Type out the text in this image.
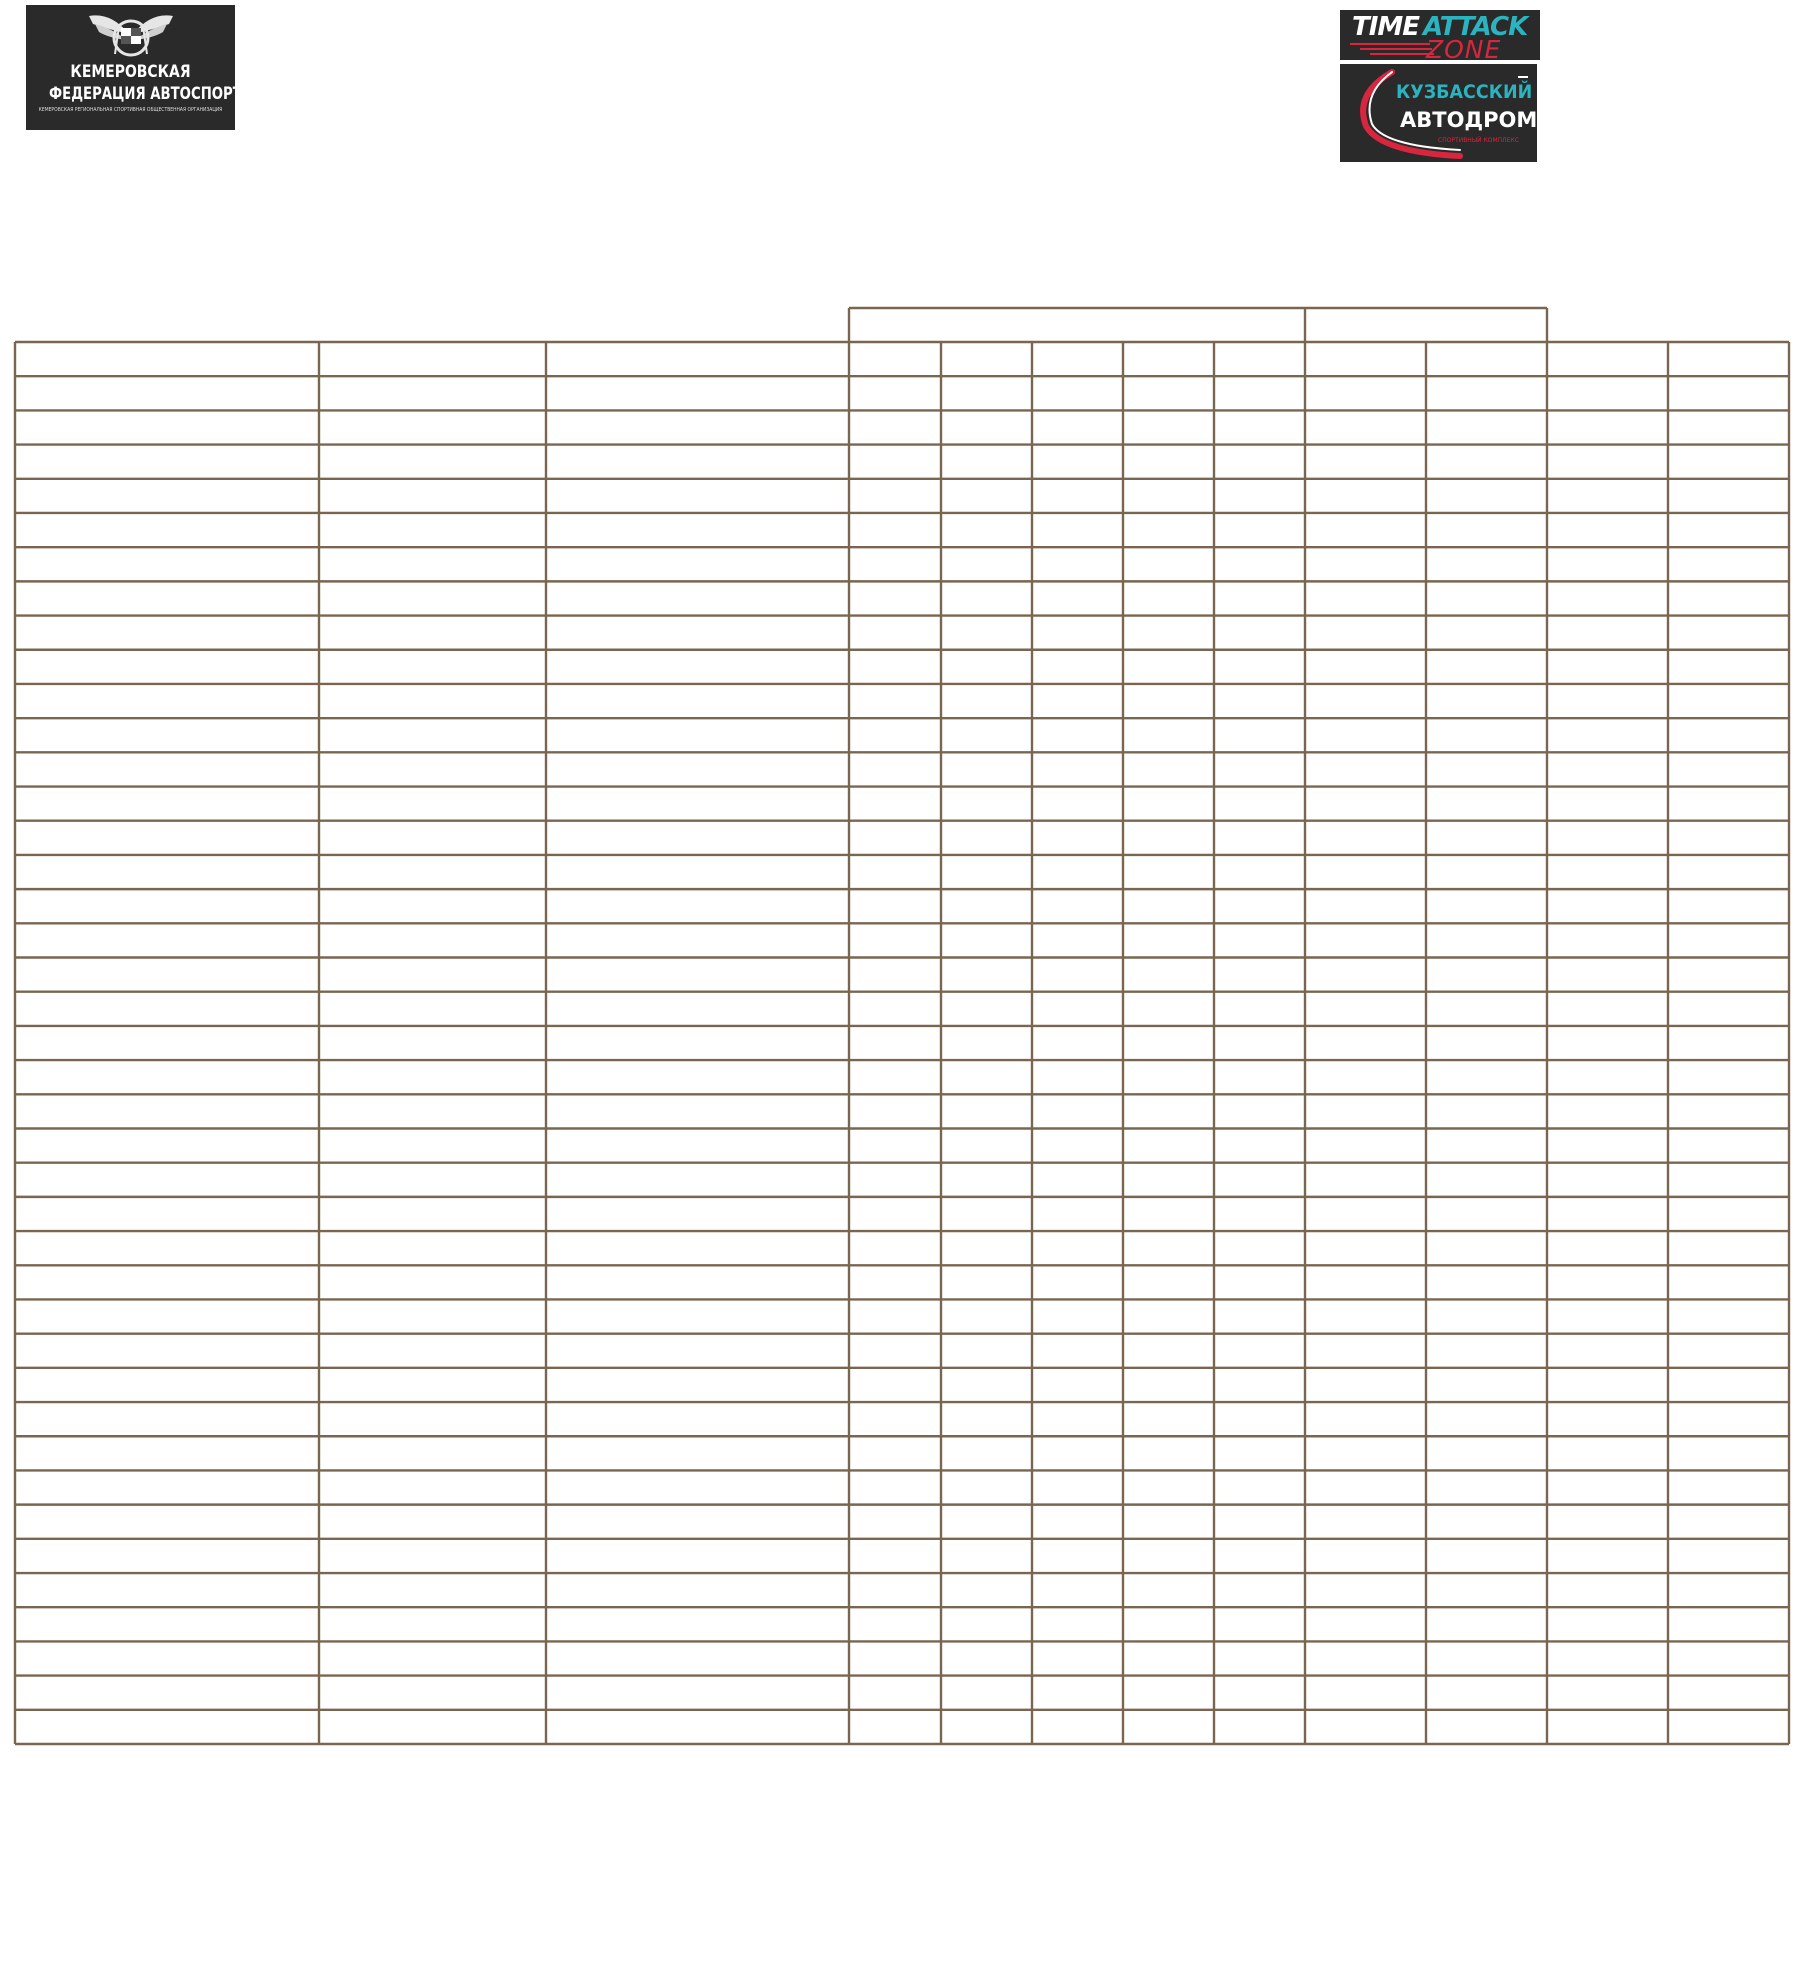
КЕМЕРОВСКАЯ
ФЕДЕРАЦИЯ АВТОСПОРТА
КЕМЕРОВСКАЯ РЕГИОНАЛЬНАЯ СПОРТИВНАЯ ОБЩЕСТВЕННАЯ ОРГАНИЗАЦИЯ
TIME ATTACK
ZONE
КУЗБАССКИЙ
АВТОДРОМ
СПОРТИВНЫЙ КОМПЛЕКС
